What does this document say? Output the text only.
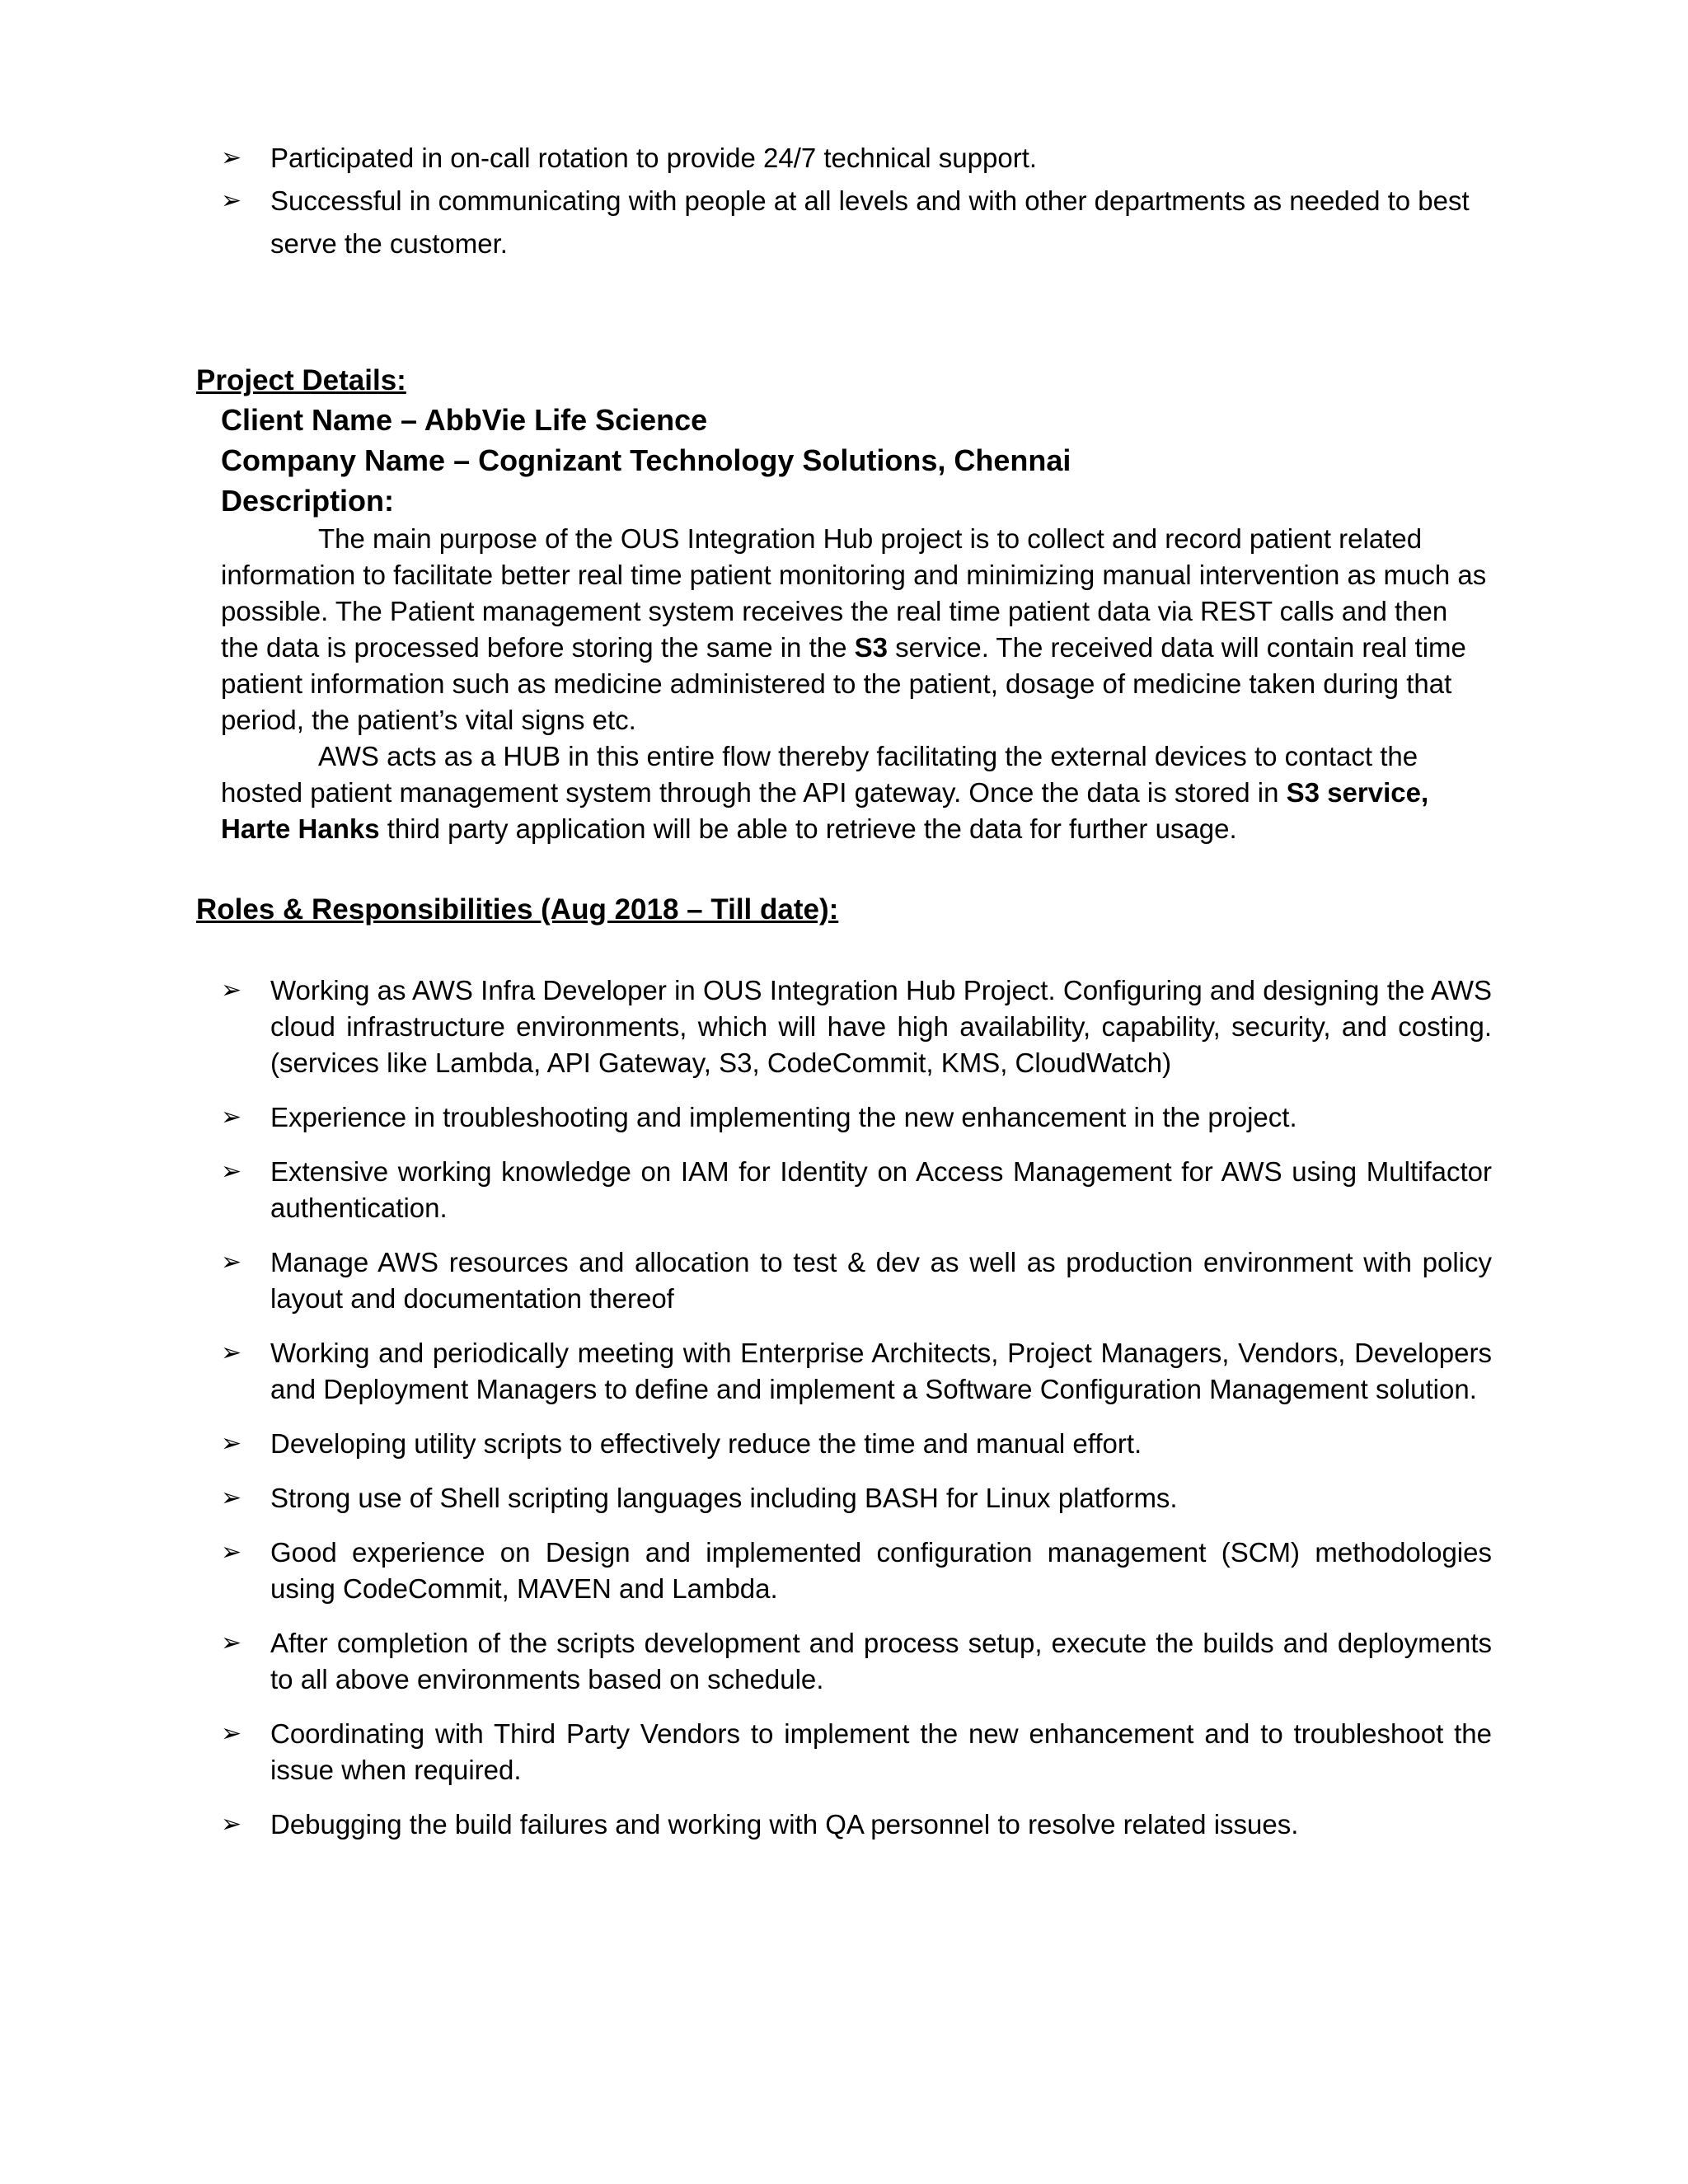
➢ Participated in on-call rotation to provide 24/7 technical support.
➢ Successful in communicating with people at all levels and with other departments as needed to best serve the customer.
Project Details:
Client Name – AbbVie Life Science
Company Name – Cognizant Technology Solutions, Chennai
Description:

The main purpose of the OUS Integration Hub project is to collect and record patient related information to facilitate better real time patient monitoring and minimizing manual intervention as much as possible. The Patient management system receives the real time patient data via REST calls and then the data is processed before storing the same in the S3 service. The received data will contain real time patient information such as medicine administered to the patient, dosage of medicine taken during that period, the patient’s vital signs etc.

AWS acts as a HUB in this entire flow thereby facilitating the external devices to contact the hosted patient management system through the API gateway. Once the data is stored in S3 service, Harte Hanks third party application will be able to retrieve the data for further usage.

Roles & Responsibilities (Aug 2018 – Till date):
➢ Working as AWS Infra Developer in OUS Integration Hub Project. Configuring and designing the AWS cloud infrastructure environments, which will have high availability, capability, security, and costing. (services like Lambda, API Gateway, S3, CodeCommit, KMS, CloudWatch)
➢ Experience in troubleshooting and implementing the new enhancement in the project.
➢ Extensive working knowledge on IAM for Identity on Access Management for AWS using Multifactor authentication.
➢ Manage AWS resources and allocation to test & dev as well as production environment with policy layout and documentation thereof
➢ Working and periodically meeting with Enterprise Architects, Project Managers, Vendors, Developers and Deployment Managers to define and implement a Software Configuration Management solution.
➢ Developing utility scripts to effectively reduce the time and manual effort.
➢ Strong use of Shell scripting languages including BASH for Linux platforms.
➢ Good experience on Design and implemented configuration management (SCM) methodologies using CodeCommit, MAVEN and Lambda.
➢ After completion of the scripts development and process setup, execute the builds and deployments to all above environments based on schedule.
➢ Coordinating with Third Party Vendors to implement the new enhancement and to troubleshoot the issue when required.
➢ Debugging the build failures and working with QA personnel to resolve related issues.
